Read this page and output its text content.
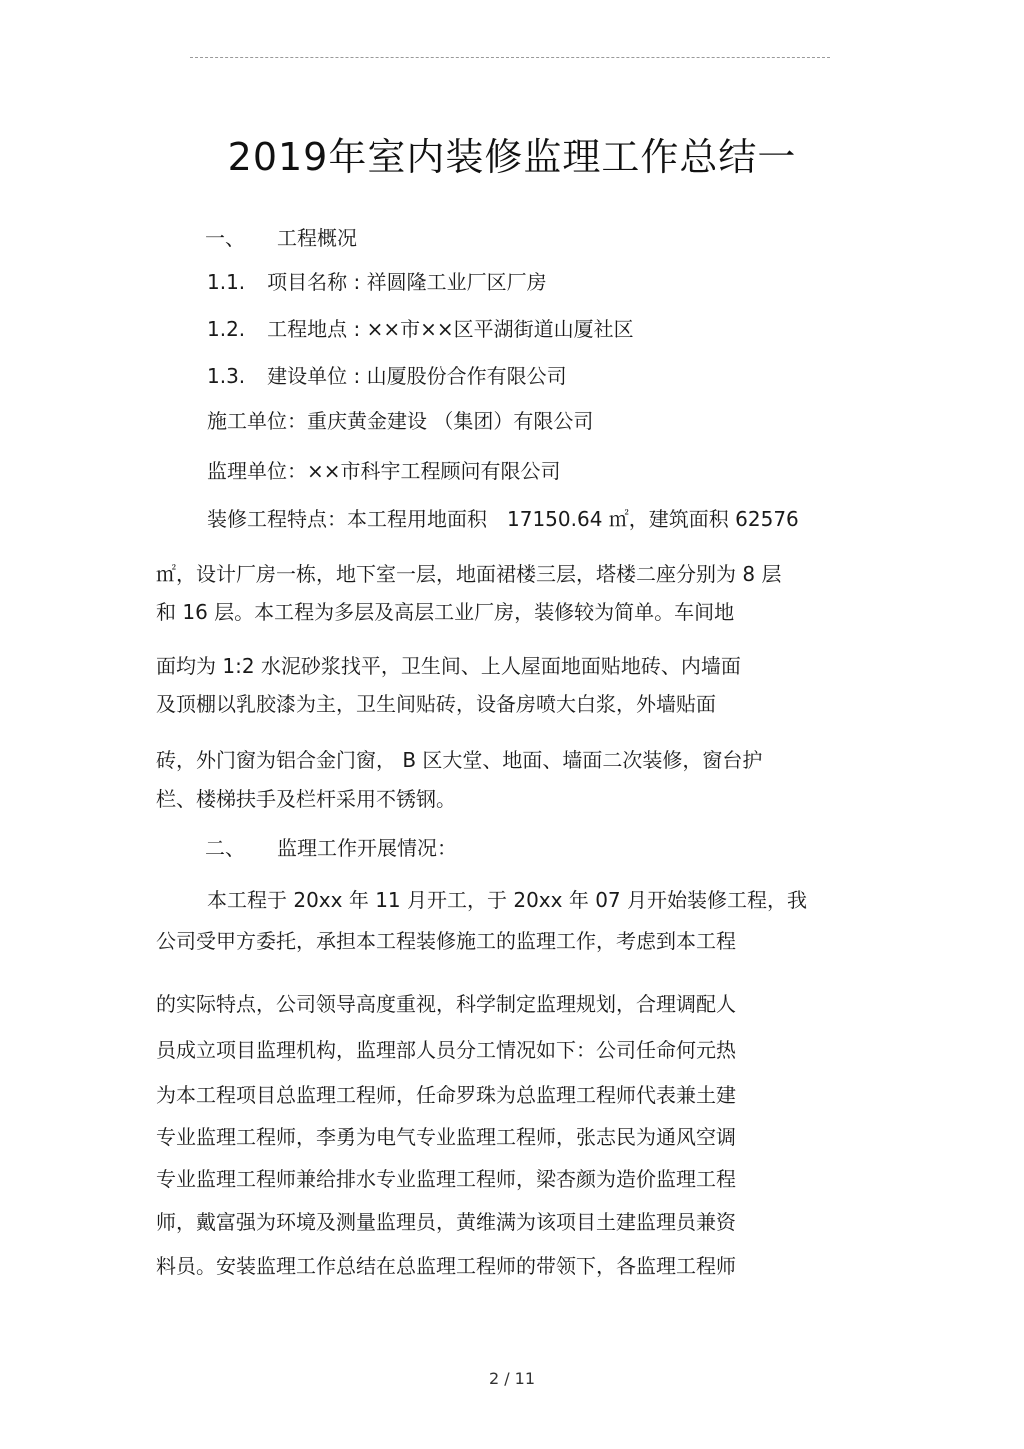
2019年室内装修监理工作总结一
一、 工程概况
1.1. 项目名称 : 祥圆隆工业厂区厂房
1.2. 工程地点 : ××市××区平湖街道山厦社区
1.3. 建设单位 : 山厦股份合作有限公司
施工单位：重庆黄金建设 （集团）有限公司
监理单位：××市科宇工程顾问有限公司
装修工程特点：本工程用地面积　17150.64 ㎡，建筑面积 62576
㎡，设计厂房一栋，地下室一层，地面裙楼三层，塔楼二座分别为 8 层
和 16 层。本工程为多层及高层工业厂房，装修较为简单。车间地
面均为 1:2 水泥砂浆找平，卫生间、上人屋面地面贴地砖、内墙面
及顶棚以乳胶漆为主，卫生间贴砖，设备房喷大白浆，外墙贴面
砖，外门窗为铝合金门窗， B 区大堂、地面、墙面二次装修，窗台护
栏、楼梯扶手及栏杆采用不锈钢。
二、 监理工作开展情况：
本工程于 20xx 年 11 月开工，于 20xx 年 07 月开始装修工程，我
公司受甲方委托，承担本工程装修施工的监理工作，考虑到本工程
的实际特点，公司领导高度重视，科学制定监理规划，合理调配人
员成立项目监理机构，监理部人员分工情况如下：公司任命何元热
为本工程项目总监理工程师，任命罗珠为总监理工程师代表兼土建
专业监理工程师，李勇为电气专业监理工程师，张志民为通风空调
专业监理工程师兼给排水专业监理工程师，梁杏颜为造价监理工程
师，戴富强为环境及测量监理员，黄维满为该项目土建监理员兼资
料员。安装监理工作总结在总监理工程师的带领下，各监理工程师
2 / 11
